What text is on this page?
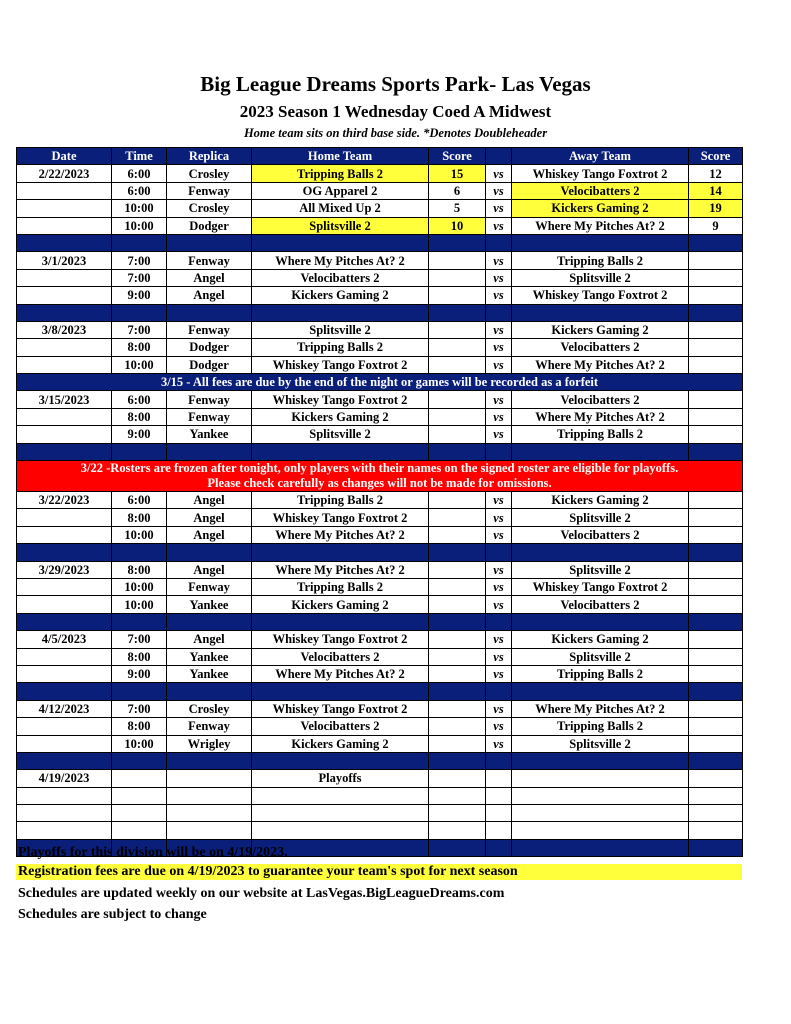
Big League Dreams Sports Park- Las Vegas
2023 Season 1 Wednesday Coed A Midwest
Home team sits on third base side. *Denotes Doubleheader
Date	Time	Replica	Home Team	Score		Away Team	Score
2/22/2023	6:00	Crosley	Tripping Balls 2	15	vs	Whiskey Tango Foxtrot 2	12
	6:00	Fenway	OG Apparel 2	6	vs	Velocibatters 2	14
	10:00	Crosley	All Mixed Up 2	5	vs	Kickers Gaming 2	19
	10:00	Dodger	Splitsville 2	10	vs	Where My Pitches At? 2	9

3/1/2023	7:00	Fenway	Where My Pitches At? 2		vs	Tripping Balls 2	
	7:00	Angel	Velocibatters 2		vs	Splitsville 2	
	9:00	Angel	Kickers Gaming 2		vs	Whiskey Tango Foxtrot 2	

3/8/2023	7:00	Fenway	Splitsville 2		vs	Kickers Gaming 2	
	8:00	Dodger	Tripping Balls 2		vs	Velocibatters 2	
	10:00	Dodger	Whiskey Tango Foxtrot 2		vs	Where My Pitches At? 2	
3/15 - All fees are due by the end of the night or games will be recorded as a forfeit							
3/15/2023	6:00	Fenway	Whiskey Tango Foxtrot 2		vs	Velocibatters 2	
	8:00	Fenway	Kickers Gaming 2		vs	Where My Pitches At? 2	
	9:00	Yankee	Splitsville 2		vs	Tripping Balls 2	

3/22 -Rosters are frozen after tonight, only players with their names on the signed roster are eligible for playoffs.
Please check carefully as changes will not be made for omissions.							

3/22/2023	6:00	Angel	Tripping Balls 2		vs	Kickers Gaming 2	
	8:00	Angel	Whiskey Tango Foxtrot 2		vs	Splitsville 2	
	10:00	Angel	Where My Pitches At? 2		vs	Velocibatters 2	

3/29/2023	8:00	Angel	Where My Pitches At? 2		vs	Splitsville 2	
	10:00	Fenway	Tripping Balls 2		vs	Whiskey Tango Foxtrot 2	
	10:00	Yankee	Kickers Gaming 2		vs	Velocibatters 2	

4/5/2023	7:00	Angel	Whiskey Tango Foxtrot 2		vs	Kickers Gaming 2	
	8:00	Yankee	Velocibatters 2		vs	Splitsville 2	
	9:00	Yankee	Where My Pitches At? 2		vs	Tripping Balls 2	

4/12/2023	7:00	Crosley	Whiskey Tango Foxtrot 2		vs	Where My Pitches At? 2	
	8:00	Fenway	Velocibatters 2		vs	Tripping Balls 2	
	10:00	Wrigley	Kickers Gaming 2		vs	Splitsville 2	

4/19/2023			Playoffs				

Playoffs for this division will be on 4/19/2023.
Registration fees are due on 4/19/2023 to guarantee your team's spot for next season
Schedules are updated weekly on our website at LasVegas.BigLeagueDreams.com
Schedules are subject to change
